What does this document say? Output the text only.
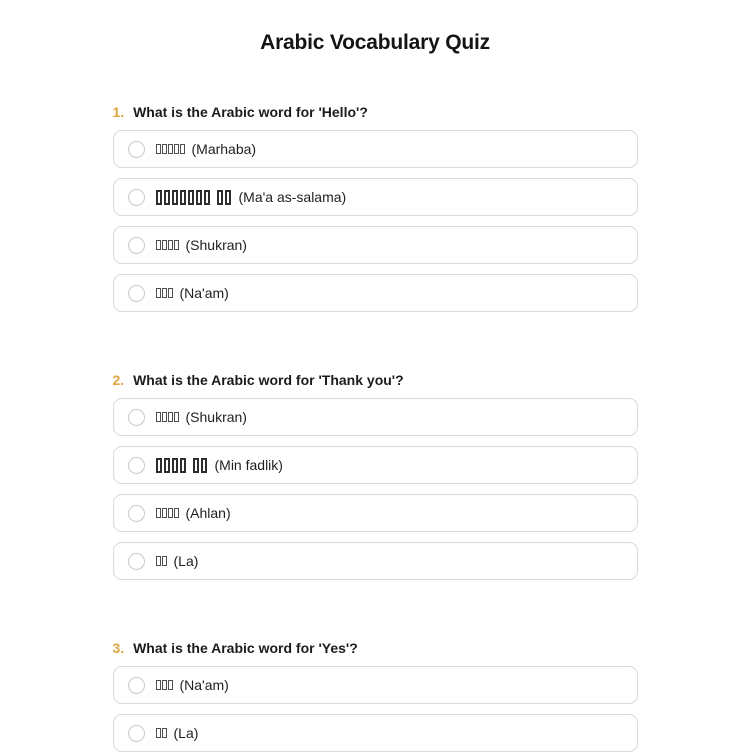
Arabic Vocabulary Quiz
1. What is the Arabic word for 'Hello'?
(Marhaba)
(Ma'a as-salama)
(Shukran)
(Na'am)
2. What is the Arabic word for 'Thank you'?
(Shukran)
(Min fadlik)
(Ahlan)
(La)
3. What is the Arabic word for 'Yes'?
(Na'am)
(La)
